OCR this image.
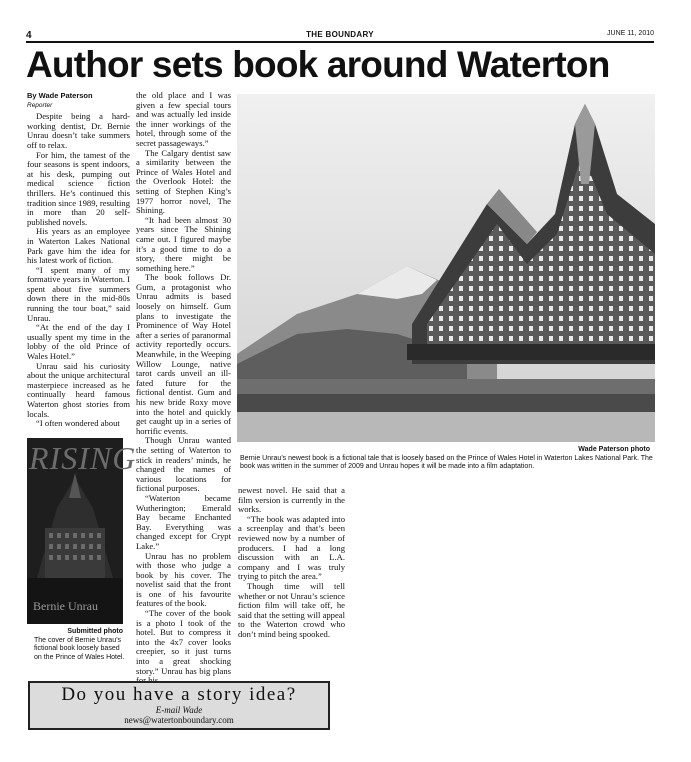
4	THE BOUNDARY	JUNE 11, 2010
Author sets book around Waterton
By Wade Paterson
Reporter

Despite being a hard-working dentist, Dr. Bernie Unrau doesn’t take summers off to relax.

For him, the tamest of the four seasons is spent indoors, at his desk, pumping out medical science fiction thrillers. He’s continued this tradition since 1989, resulting in more than 20 self-published novels.

His years as an employee in Waterton Lakes National Park gave him the idea for his latest work of fiction.

“I spent many of my formative years in Waterton. I spent about five summers down there in the mid-80s running the tour boat,” said Unrau.

“At the end of the day I usually spent my time in the lobby of the old Prince of Wales Hotel.”

Unrau said his curiosity about the unique architectural masterpiece increased as he continually heard famous Waterton ghost stories from locals.

“I often wondered about

the old place and I was given a few special tours and was actually led inside the inner workings of the hotel, through some of the secret passageways.”

The Calgary dentist saw a similarity between the Prince of Wales Hotel and the Overlook Hotel: the setting of Stephen King’s 1977 horror novel, The Shining.

“It had been almost 30 years since The Shining came out. I figured maybe it’s a good time to do a story, there might be something here.”

The book follows Dr. Gum, a protagonist who Unrau admits is based loosely on himself. Gum plans to investigate the Prominence of Way Hotel after a series of paranormal activity reportedly occurs. Meanwhile, in the Weeping Willow Lounge, native tarot cards unveil an ill-fated future for the fictional dentist. Gum and his new bride Roxy move into the hotel and quickly get caught up in a series of horrific events.

Though Unrau wanted the setting of Waterton to stick in readers’ minds, he changed the names of various locations for fictional purposes.

“Waterton became Wutherington; Emerald Bay became Enchanted Bay. Everything was changed except for Crypt Lake.”

Unrau has no problem with those who judge a book by his cover. The novelist said that the front is one of his favourite features of the book.

“The cover of the book is a photo I took of the hotel. But to compress it into the 4x7 cover looks creepier, so it just turns into a great shocking story.” Unrau has big plans

Wade Paterson photo
Bernie Unrau’s newest book is a fictional tale that is loosely based on the Prince of Wales Hotel in Waterton Lakes National Park. The book was written in the summer of 2009 and Unrau hopes it will be made into a film adaptation.

newest novel. He said that a film version is currently in the works.

“The book was adapted into a screenplay and that’s been reviewed now by a number of producers. I had a long discussion with an L.A. company and I was truly trying to pitch the area.”

Though time will tell whether or not Unrau’s science fiction film will take off, he said that the setting will appeal to the Waterton crowd who don’t mind being spooked.

RISING
Bernie Unrau
Submitted photo
The cover of Bernie Unrau’s fictional book loosely based on the Prince of Wales Hotel.
Do you have a story idea?
E-mail Wade
news@watertonboundary.com
